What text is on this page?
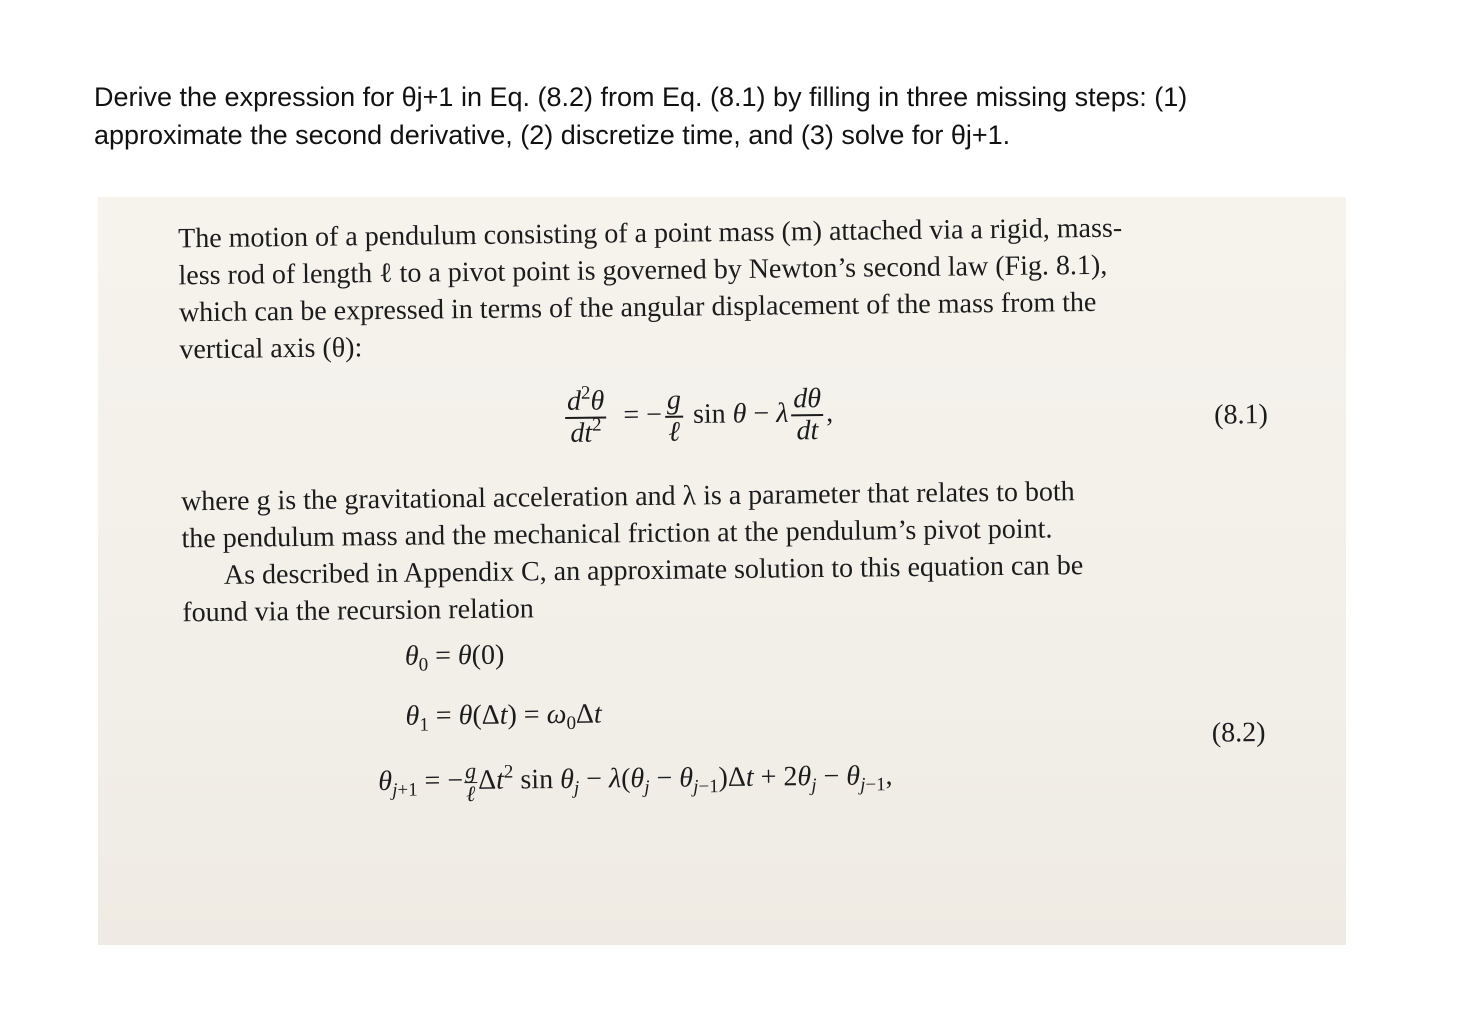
Derive the expression for θj+1 in Eq. (8.2) from Eq. (8.1) by filling in three missing steps: (1)
approximate the second derivative, (2) discretize time, and (3) solve for θj+1.
The motion of a pendulum consisting of a point mass (m) attached via a rigid, mass-
less rod of length ℓ to a pivot point is governed by Newton’s second law (Fig. 8.1),
which can be expressed in terms of the angular displacement of the mass from the
vertical axis (θ):
$\frac{d^2\theta}{dt^2}$ = − $\frac{g}{\text{ℓ}}$ sin θ − λ $\frac{d\theta}{dt}$ ,	(8.1)
where g is the gravitational acceleration and λ is a parameter that relates to both
the pendulum mass and the mechanical friction at the pendulum’s pivot point.
As described in Appendix C, an approximate solution to this equation can be
found via the recursion relation
$\theta_0 = \theta(0)$
$\theta_1 = \theta(\Delta t) = \omega_0\Delta t$
$\theta_{j+1}$ = − $\frac{g}{\text{ℓ}} \Delta t^2$ $\sin \theta_j - \lambda(\theta_j - \theta_{j-1})\Delta t + 2\theta_j - \theta_{j-1}$,
(8.2)
